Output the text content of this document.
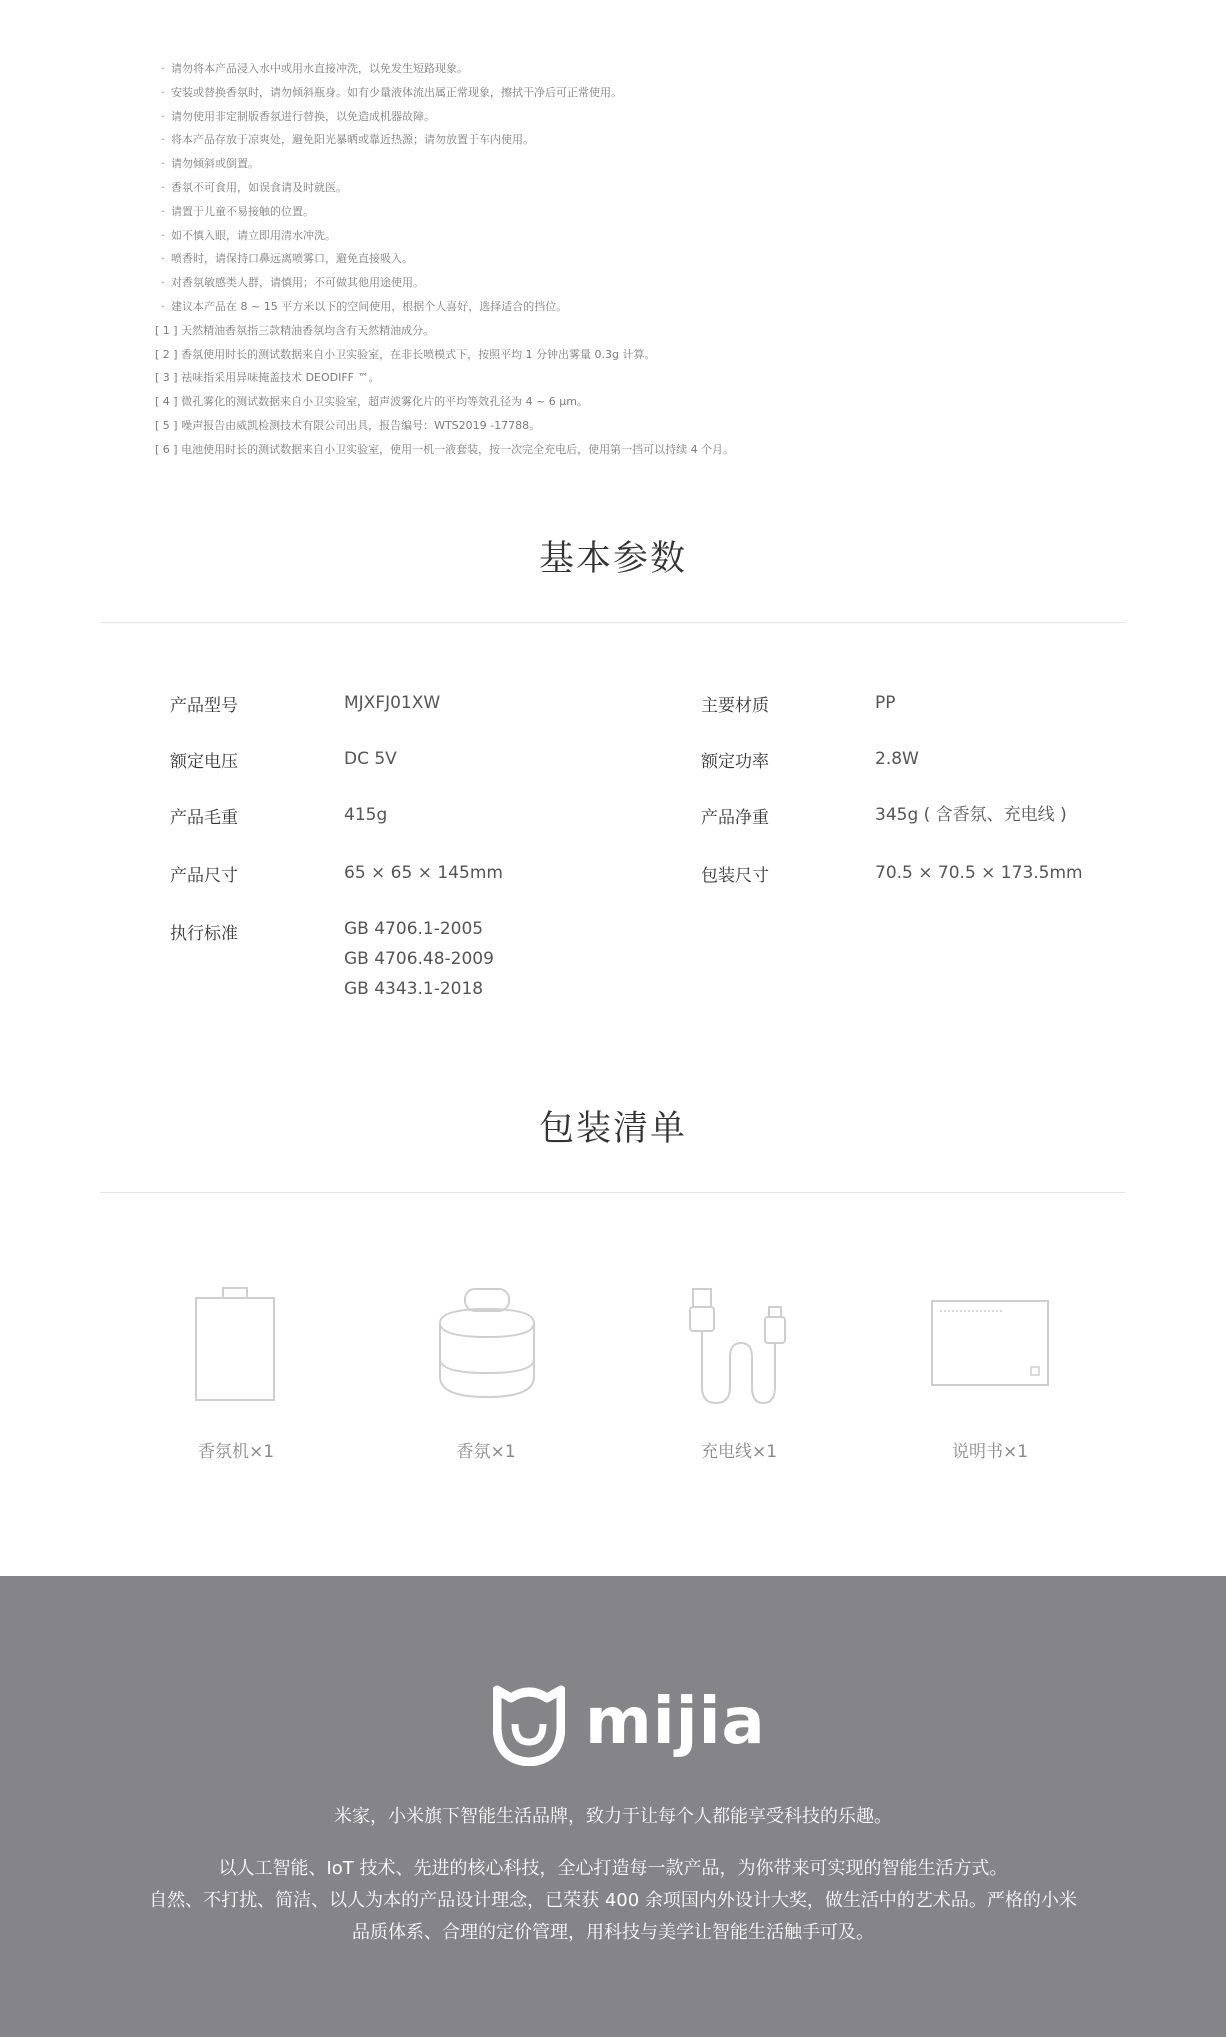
· 请勿将本产品浸入水中或用水直接冲洗，以免发生短路现象。
· 安装或替换香氛时，请勿倾斜瓶身。如有少量液体流出属正常现象，擦拭干净后可正常使用。
· 请勿使用非定制版香氛进行替换，以免造成机器故障。
· 将本产品存放于凉爽处，避免阳光暴晒或靠近热源；请勿放置于车内使用。
· 请勿倾斜或倒置。
· 香氛不可食用，如误食请及时就医。
· 请置于儿童不易接触的位置。
· 如不慎入眼，请立即用清水冲洗。
· 喷香时，请保持口鼻远离喷雾口，避免直接吸入。
· 对香氛敏感类人群，请慎用；不可做其他用途使用。
· 建议本产品在 8 ~ 15 平方米以下的空间使用，根据个人喜好，选择适合的挡位。
[ 1 ] 天然精油香氛指三款精油香氛均含有天然精油成分。
[ 2 ] 香氛使用时长的测试数据来自小卫实验室，在非长喷模式下，按照平均 1 分钟出雾量 0.3g 计算。
[ 3 ] 祛味指采用异味掩盖技术 DEODIFF ™。
[ 4 ] 微孔雾化的测试数据来自小卫实验室，超声波雾化片的平均等效孔径为 4 ~ 6 μm。
[ 5 ] 噪声报告由威凯检测技术有限公司出具，报告编号：WTS2019 -17788。
[ 6 ] 电池使用时长的测试数据来自小卫实验室，使用一机一液套装，按一次完全充电后，使用第一挡可以持续 4 个月。
基本参数
产品型号	MJXFJ01XW	主要材质	PP
额定电压	DC 5V	额定功率	2.8W
产品毛重	415g	产品净重	345g ( 含香氛、充电线 )
产品尺寸	65 × 65 × 145mm	包装尺寸	70.5 × 70.5 × 173.5mm
执行标准	GB 4706.1-2005
GB 4706.48-2009
GB 4343.1-2018
包装清单
香氛机×1	香氛×1	充电线×1	说明书×1
mijia
米家，小米旗下智能生活品牌，致力于让每个人都能享受科技的乐趣。
以人工智能、IoT 技术、先进的核心科技，全心打造每一款产品，为你带来可实现的智能生活方式。
自然、不打扰、简洁、以人为本的产品设计理念，已荣获 400 余项国内外设计大奖，做生活中的艺术品。严格的小米
品质体系、合理的定价管理，用科技与美学让智能生活触手可及。
